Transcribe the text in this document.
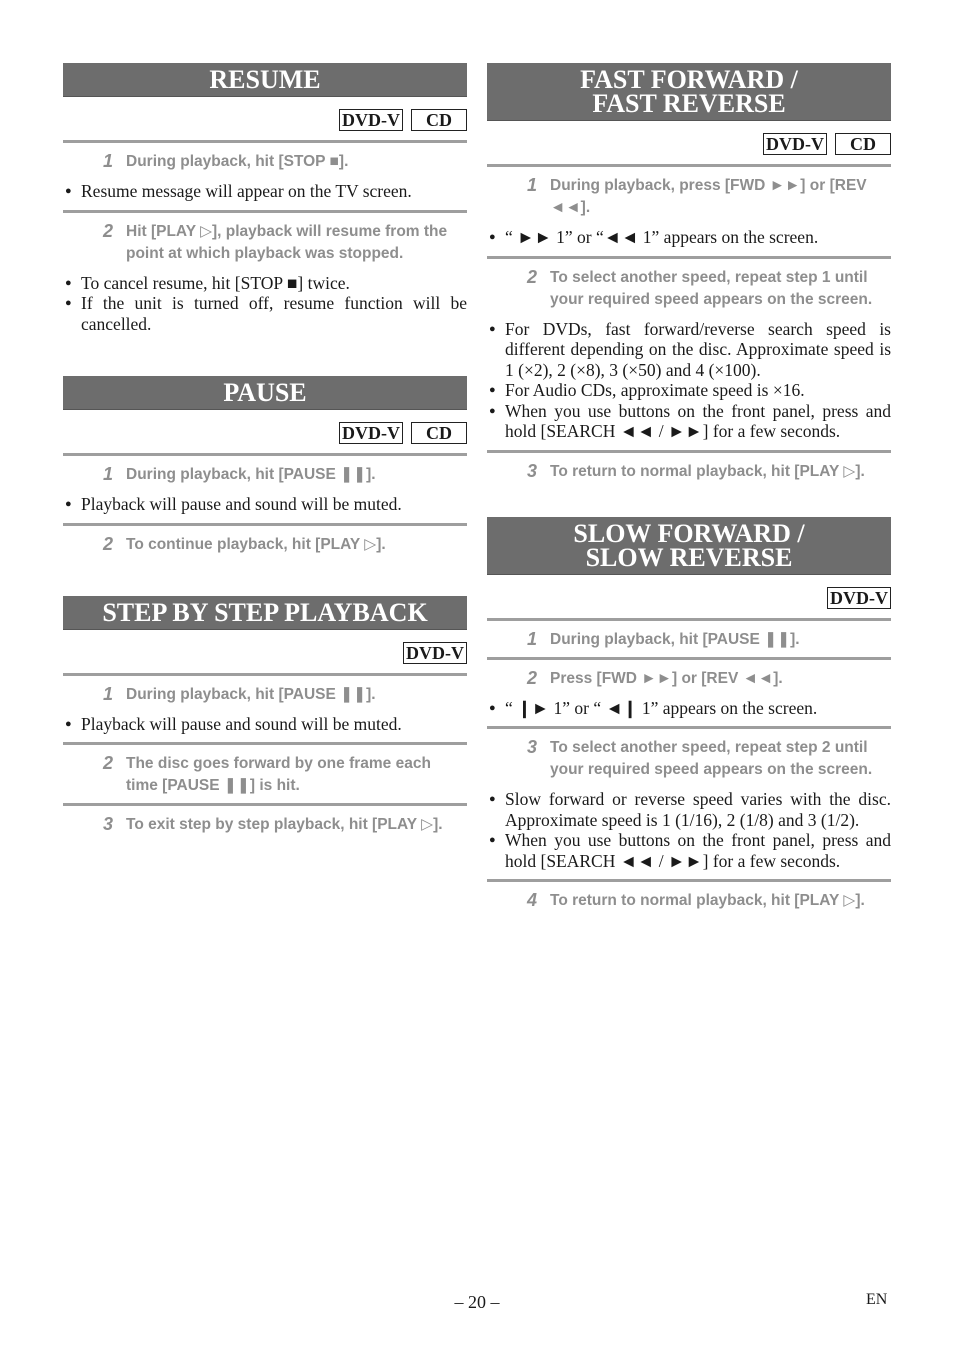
RESUME
DVD-V CD
1 During playback, hit [STOP ■].
● Resume message will appear on the TV screen.
2 Hit [PLAY ▷], playback will resume from the point at which playback was stopped.
● To cancel resume, hit [STOP ■] twice.
● If the unit is turned off, resume function will be cancelled.
PAUSE
DVD-V CD
1 During playback, hit [PAUSE ❚❚].
● Playback will pause and sound will be muted.
2 To continue playback, hit [PLAY ▷].
STEP BY STEP PLAYBACK
DVD-V
1 During playback, hit [PAUSE ❚❚].
● Playback will pause and sound will be muted.
2 The disc goes forward by one frame each time [PAUSE ❚❚] is hit.
3 To exit step by step playback, hit [PLAY ▷].
FAST FORWARD /
FAST REVERSE
DVD-V CD
1 During playback, press [FWD ►►] or [REV ◄◄].
● “ ►► 1” or “◄◄ 1” appears on the screen.
2 To select another speed, repeat step 1 until your required speed appears on the screen.
● For DVDs, fast forward/reverse search speed is different depending on the disc. Approximate speed is 1 (×2), 2 (×8), 3 (×50) and 4 (×100).
● For Audio CDs, approximate speed is ×16.
● When you use buttons on the front panel, press and hold [SEARCH ◄◄ / ►►] for a few seconds.
3 To return to normal playback, hit [PLAY ▷].
SLOW FORWARD /
SLOW REVERSE
DVD-V
1 During playback, hit [PAUSE ❚❚].
2 Press [FWD ►►] or [REV ◄◄].
● “ ❙► 1” or “ ◄❙ 1” appears on the screen.
3 To select another speed, repeat step 2 until your required speed appears on the screen.
● Slow forward or reverse speed varies with the disc. Approximate speed is 1 (1/16), 2 (1/8) and 3 (1/2).
● When you use buttons on the front panel, press and hold [SEARCH ◄◄ / ►►] for a few seconds.
4 To return to normal playback, hit [PLAY ▷].
– 20 –	EN
